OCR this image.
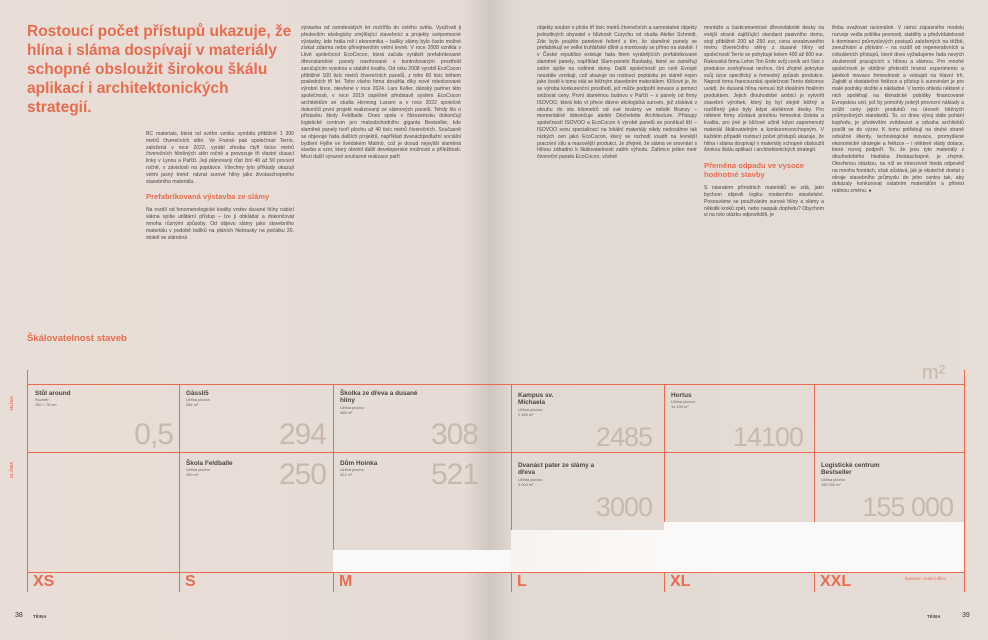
Rostoucí počet přístupů ukazuje, že hlína i sláma dospívají v materiály schopné obsloužit širokou škálu aplikací i architektonických strategií.

BC materials, která od svého vzniku vyrobila přibližně 1 300 metrů čtverečních stěn. Ve Francii pak společnost Terrio, založená v roce 2022, vyrábí zhruba čtyři tisíce metrů čtverečních hliněných stěn ročně a provozuje tři vlastní dusací linky v Lyonu a Paříži. Její plánovaný růst činí 40 až 50 procent ročně, v závislosti na poptávce. Všechny tyto příklady ukazují velmi jasný trend: návrat surové hlíny jako životaschopného stavebního materiálu.

Prefabrikovaná výstavba ze slámy

Na rozdíl od fenomenologické kvality vrstev dusané hlíny nabízí sláma spíše utilitární přístup – lze ji obkládat a dokončovat mnoha různými způsoby. Od objevu slámy jako stavebního materiálu v podobě balíků na pláních Nebrasky na počátku 20. století se sláměná

výstavba od osmdesátých let rozšířila do celého světa. Využívali ji především ekologicky smýšlející stavebníci a projekty svépomocné výstavby, kde hrála roli i ekonomika – balíky slámy bylo často možné získat zdarma nebo přinejmenším velmi levně. V roce 2008 vznikla v Litvě společnost EcoCocon, která začala vyrábět prefabrikované dřevoslaměné panely navrhované s kontrolovaným prostředí zaručujícím vysokou a stabilní kvalitu. Od roku 2008 vyrobil EcoCocon přibližně 100 tisíc metrů čtverečních panelů, z toho 60 tisíc během posledních tří let. Toho všeho firma dosáhla díky nové robotizované výrobní lince, otevřené v roce 2024. Lars Keller, dánský partner této společnosti, v roce 2019 úspěšně představil systém EcoCocon architektům ze studia Henning Larsen a v roce 2022 společně dokončili první projekt realizovaný ze slámových panelů. Tehdy šlo o přístavbu školy Feldballe. Dnes spolu v Nizozemsku dokončují logistické centrum pro maloobchodního giganta Bestseller, kde slaměné panely tvoří plochu až 40 tisíc metrů čtverečních. Současně se objevuje řada dalších projektů, například dvanáctipodlažní sociální bydlení Hyllie ve švédském Malmö, což je dosud nejvyšší slaměná stavba a vzor, který obvinil další developerské možnosti a příležitosti. Mezi další výrazné současné realizace patří

objekty soubor o ploše tří tisíc metrů čtverečních a samostatné objekty jednotlivých obyvatel v blízkosti Curychu od studia Atelier Schmidt. Zde bylo použito panelové řešení s tím, že slaměné panely se prefabrikují ve velké truhlářské dílně a montovaly se přímo na stavbě. I v České republice existuje řada firem vyrábějících prefabrikované slaměné panely, například Slam-panelo Baobaby, které se zaměřují zatím spíše na rodinné domy. Další společností po celé Evropě neustále vznikají, což ukazuje na rostoucí poptávku po slámě nejen jako čestě k tomu stát se běžným stavebním materiálem. Klíčové je, že se výroba konkurenční prostředí, jež může podpořit inovace a pomoci snižovat ceny. První slaměnou budovu v Paříži – s panely od firmy ISOVOO, která kdo ví přece dávno ekologická surovin, jež získává v okruhu do sta kilometrů od své továrny ve městě Branzy – momentálně dokončuje ateliér Déchelette Architecture. Přístupy společností ISOVOO a EcoCocon k výrobě panelů se poněkud liší – ISOVOO svou specializací na lokální materiály nikdy nedosáhne tak nízkých cen jako EcoCocon, který se rozhodl vsadit na levnější pracovní sílu a masovější produkci. Je zřejmé, že sláma ve srovnání s hlínou záhadno k škálovatelnosti zatím výhodu. Zatímco jeden metr čtvereční panelu EcoCocon, včetně

montáže a časticementové dřevovláknité desky na vnější straně zajišťující standard pasivního domu, stojí přibližně 200 až 250 eur, cena sezalovaného metru čtverečního stěny z dusané hlíny od společnosti Terrio se pohybuje kolem 400 až 600 eur. Rakouská firma Lehm Ton Erde svůj ceník ani část z produkce zveřejňovat nechce, činí zřejmě pokrytue svůj úzce specifický a řemeslný způsob produkce. Naproti tomu francouzská společnost Terrio dokonce uvádí, že dusaná hlína nemusí být ideálním finálním produktem. Jejich dlouhodobé ambicí je vytvořit stavební výrobek, který by byl stejně běžný a rozšířený jako byly kdysi ateliérové desky. Pro některé firmy zůstává prioritou řemeslná čistota a kvalita, pro jiné je klíčové učinit kdysi zapomenutý materiál škálovatelným a konkurenceschopným. V každém případě rostoucí počet přístupů ukazuje, že hlína i sláma dospívají v materiály schopné obsloužit širokou škálu aplikací i architektonických strategií.

Přeměna odpadu ve vysoce hodnotné stavby

S návratem přírodních materiálů se zdá, jako bychom objevili logiku moderního stavitelství. Posouváme se používáním surové hlíny a slámy a několik kroků zpět, nebo naopak dopředu? Obychom si na toto otázku odpověděli, je

třeba uvažovat racionálně. V rámci zápasného modelu rozvoje vedla politika pevnosti, stability a předvídatelnosti k dominanci průmyslových postupů založených na těžbě, zneužívání a plýtvání – na rozdíl od regenerativních a cirkulárních přístupů, které dnes vyžadujeme řada nových zkušeností pracujících s hlínou a slámou. Pro mnohé společnosti je obtížné překročit hranici experimentu a jakékoli inovace řemeslnosti a vstoupit na hlavní trh. Zajistit si dostatečné řetězce a přístup k surovinám je pro malé podniky složité a nákladné. V tomto ohledu některé z nich spoléhají na klimatické pobídky financované Evropskou unií, jež by pomohly pokrýt provozní náklady a snížit ceny jejich produktů na úroveň běžných průmyslových standardů. To, co dnes vývoj stále pohání kupředu, je především zvědavost a odvaha architektů posílit se do výzev. K tomu potřebují na druhé straně odvážné klienty, technologické inovace, promyšlené ekonomické strategie a řetězce – i některé vlády dotace, které rozvoj podpoří. To, že jsou tyto materiály z dlouhodobého hlediska životaschopné, je zřejmé. Otevřenou otázkou, na níž se intenzivně hledá odpověď na mnoha frontách, však zůstává, jak je skutečně dostat z okraje stavebního průmyslu do jeho centra tak, aby dokázaly konkurovat ostatním materiálům a přinést reálnou změnu. ●

Škálovatelnost staveb
m²
HLÍNA
SLÁMA
Stůl around
Rozměr:
150 × 75 cm
0,5
Gässli5
Užitná plocha:
264 m²
294
Škola Feldballe
Užitná plocha:
250 m²	250
Školka ze dřeva a dusané hlíny
Užitná plocha:
308 m²
308
Dům Hoinka
Užitná plocha:
521 m²	521
Kampus sv. Michaela
Užitná plocha:
2 485 m²
2485
Dvanáct pater ze slámy a dřeva
Užitná plocha:
3 000 m²
3000
Hortus
Užitná plocha:
14 100 m²
14100
Logistické centrum Bestseller
Užitná plocha:
155 000 m²
155 000
XS	S	M	L	XL	XXL	Ilustrace: vedení dílnu
38 TÉMA	TÉMA	39
